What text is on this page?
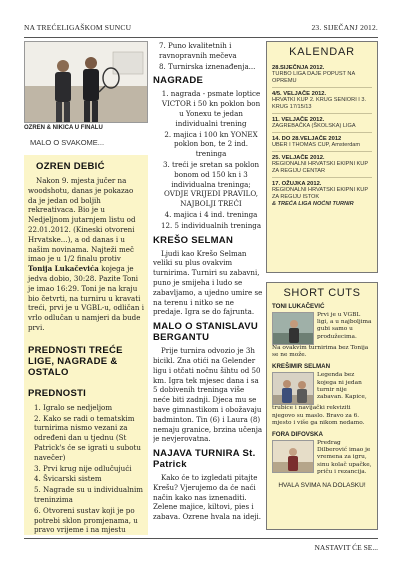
NA TREĆELIGAŠKOM SUNCU	23. SIJEČANJ 2012.
OZREN & NIKICA U FINALU
MALO O SVAKOME...
OZREN DEBIĆ

Nakon 9. mjesta jučer na woodshotu, danas je pokazao da je jedan od boljih rekreativaca. Bio je u Nedjeljnom jutarnjem listu od 22.01.2012. (Kineski otvoreni Hrvatske...), a od danas i u našim novinama. Najteži meč imao je u 1/2 finalu protiv Tonija Lukačevića kojega je jedva dobio, 30:28. Pazite Toni je imao 16:29. Toni je na kraju bio četvrti, na turniru u kravati treći, prvi je u VGBL-u, odličan i vrlo odlučan u namjeri da bude prvi.

PREDNOSTI TREĆE LIGE, NAGRADE & OSTALO
PREDNOSTI
1. Igralo se nedjeljom
2. Kako se radi o tematskim turnirima nismo vezani za određeni dan u tjednu (St Patrick's će se igrati u subotu navečer)
3. Prvi krug nije odlučujući
4. Švicarski sistem
5. Nagrade su u individualnim treninzima
6. Otvoreni sustav koji je po potrebi sklon promjenama, u pravo vrijeme i na mjestu
7. Puno kvalitetnih i ravnopravnih mečeva
8. Turnirska iznenađenja...
NAGRADE
1. nagrada - psmate loptice VICTOR i 50 kn poklon bon u Yonexu te jedan individualni trening
2. majica i 100 kn YONEX poklon bon, te 2 ind. treninga
3. treći je sretan sa poklon bonom od 150 kn i 3 individualna treninga; OVDJE VRIJEDI PRAVILO, NAJBOLJI TREĆI
4. majica i 4 ind. treninga
12. 5 individualnih treninga
KREŠO SELMAN

Ljudi kao Krešo Selman veliki su plus ovakvim turnirima. Turniri su zabavni, puno je smijeha i ludo se zabavljamo, a ujedno umire se na terenu i nitko se ne predaje. Igra se do fajrunta.

MALO O STANISLAVU BERGANTU

Prije turnira odvozio je 3h bicikl. Zna otići na Gelender ligu i otčati nočnu šihtu od 50 km. Igra tek mjesec dana i sa 5 dobivenih treninga više neće biti zadnji. Djeca mu se bave gimnastikom i obožavaju badminton. Tin (6) i Laura (8) nemaju granice, brzina učenja je nevjerovatna.

NAJAVA TURNIRA St. Patrick

Kako će to izgledati pitajte Krešu? Vjerujemo da će naći način kako nas iznenaditi. Zelene majice, kiltovi, pies i zabava. Ozrene hvala na ideji.

KALENDAR
28.SIJEČNJA 2012.
TURBO LIGA DAJE POPUST NA OPREMU
4/5. VELJAČE 2012.
HRVATKI KUP 2. KRUG SENIORI I 3. KRUG 17/15/13
11. VELJAČE 2012.
ZAGREBAČKA (ŠKOLSKA) LIGA
14. DO 28.VELJAČE 2012
UBER I THOMAS CUP, Amsterdam
25. VELJAČE 2012.
REGIONALNI HRVATSKI EKIPNI KUP ZA REGIJU CENTAR
17. OŽUJKA 2012.
REGIONALNI HRVATSKI EKIPNI KUP ZA REGIJU ISTOK
& TREĆA LIGA NOĆNI TURNIR
SHORT CUTS
TONI LUKAČEVIĆ
Prvi je u VGBL ligi, a u najboljima gubi samo u produžecima.
Na ovakvim turnirima bez Tonija se ne može.
KREŠIMIR SELMAN
Legenda bez kojega ni jedan turnir nije zabavan. Kapice,
trubice i navijački rekviziti njegovo su maslo. Bravo za 6. mjesto i više ga nikom nedamo.
FORA DIFOVSKA
Predrag Dilberović imao je vremena za igru, sinu kolač upačke, priču i rezancija.
HVALA SVIMA NA DOLASKU!
NASTAVIT ĆE SE...
